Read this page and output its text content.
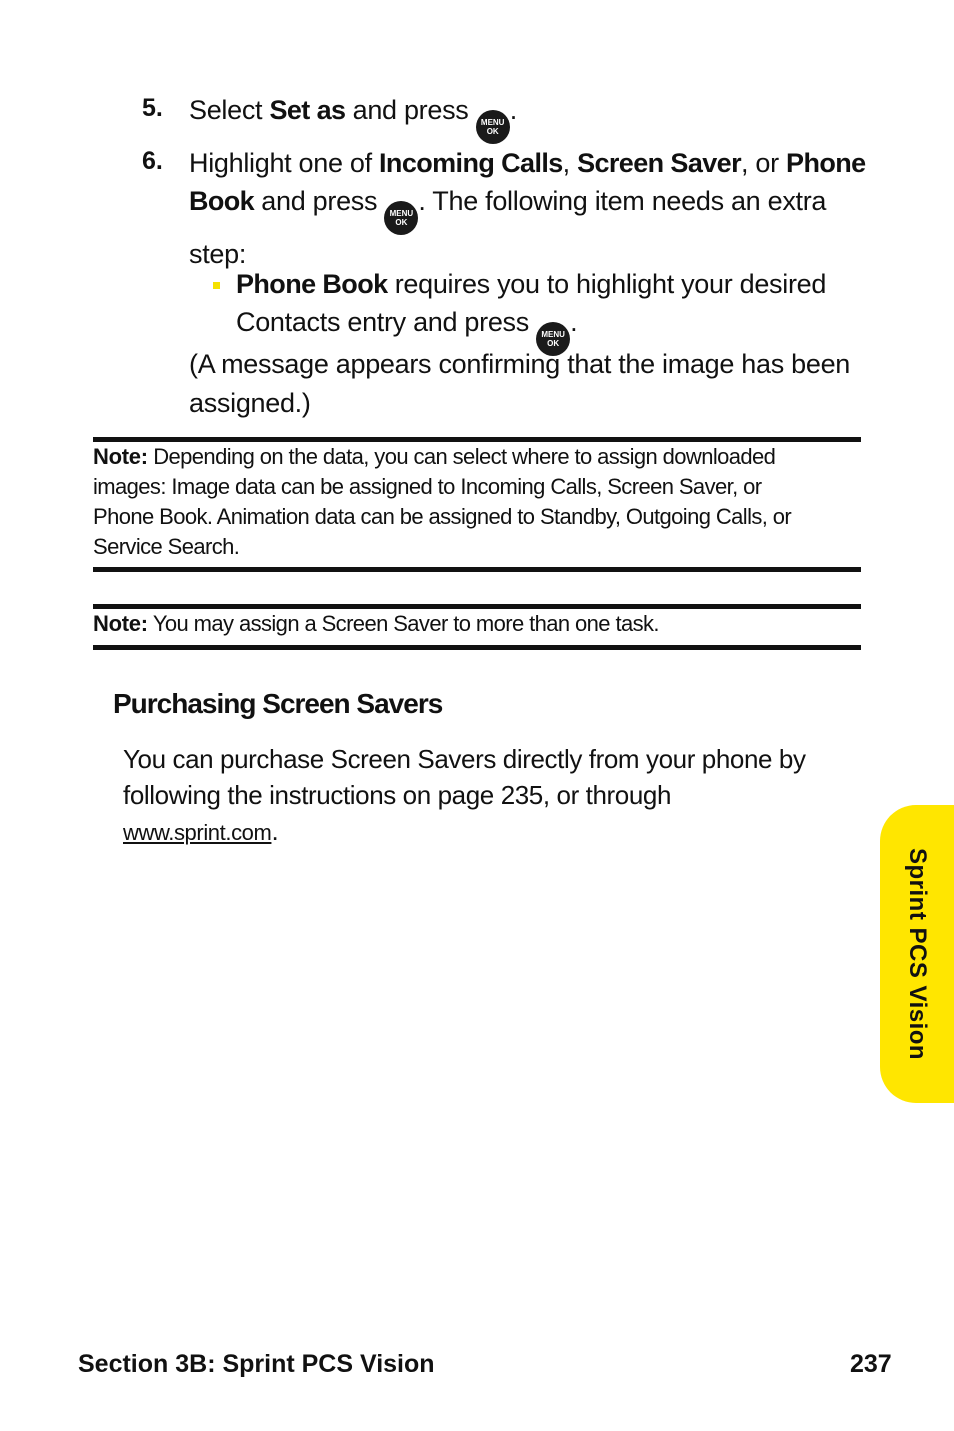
5. Select Set as and press MENU
OK
.
6. Highlight one of Incoming Calls, Screen Saver, or Phone
Book and press MENU
OK
. The following item needs an extra
step:
Phone Book requires you to highlight your desired
Contacts entry and press MENU
OK
.
(A message appears confirming that the image has been
assigned.)
Note: Depending on the data, you can select where to assign downloaded
images: Image data can be assigned to Incoming Calls, Screen Saver, or
Phone Book. Animation data can be assigned to Standby, Outgoing Calls, or
Service Search.
Note: You may assign a Screen Saver to more than one task.
Purchasing Screen Savers
You can purchase Screen Savers directly from your phone by
following the instructions on page 235, or through
www.sprint.com.
Sprint PCS Vision
Section 3B: Sprint PCS Vision	237
